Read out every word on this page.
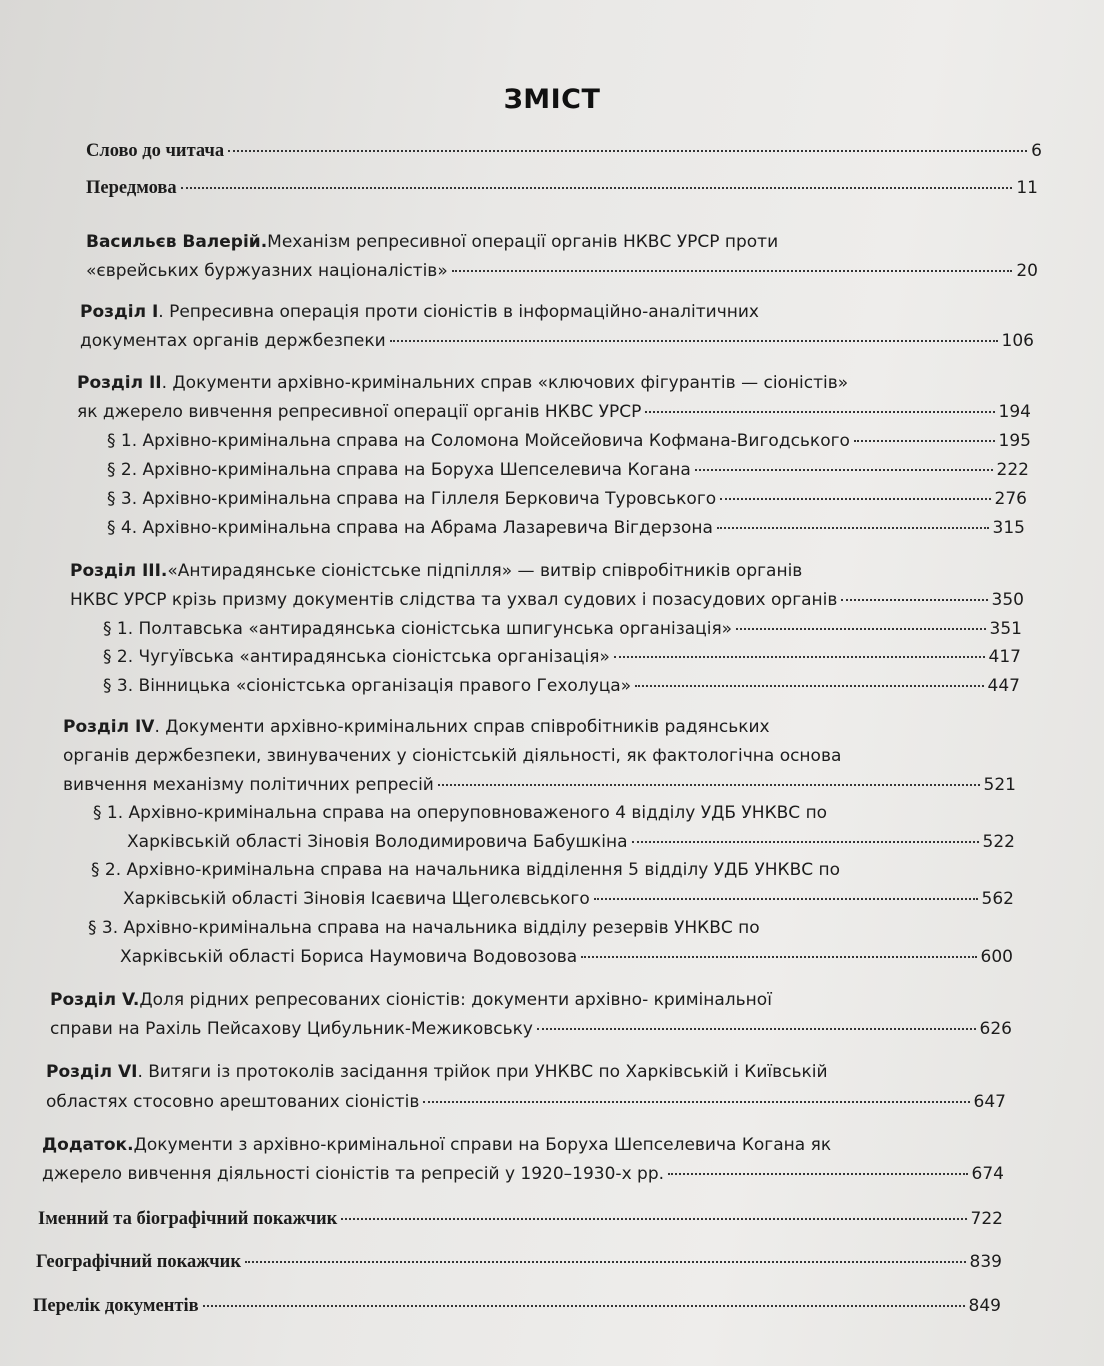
ЗМІСТ
Слово до читача	6
Передмова	11
Васильєв Валерій. Механізм репресивної операції органів НКВС УРСР проти
«єврейських буржуазних націоналістів»	20
Розділ І . Репресивна операція проти сіоністів в інформаційно-аналітичних
документах органів держбезпеки	106
Розділ ІІ . Документи архівно-кримінальних справ «ключових фігурантів — сіоністів»
як джерело вивчення репресивної операції органів НКВС УРСР	194
§ 1. Архівно-кримінальна справа на Соломона Мойсейовича Кофмана-Вигодського	195
§ 2. Архівно-кримінальна справа на Боруха Шепселевича Когана	222
§ 3. Архівно-кримінальна справа на Гіллеля Берковича Туровського	276
§ 4. Архівно-кримінальна справа на Абрама Лазаревича Вігдерзона	315
Розділ ІІІ. «Антирадянське сіоністське підпілля» — витвір співробітників органів
НКВС УРСР крізь призму документів слідства та ухвал судових і позасудових органів	350
§ 1. Полтавська «антирадянська сіоністська шпигунська організація»	351
§ 2. Чугуївська «антирадянська сіоністська організація»	417
§ 3. Вінницька «сіоністська організація правого Гехолуца»	447
Розділ ІV . Документи архівно-кримінальних справ співробітників радянських
органів держбезпеки, звинувачених у сіоністській діяльності, як фактологічна основа
вивчення механізму політичних репресій	521
§ 1. Архівно-кримінальна справа на оперуповноваженого 4 відділу УДБ УНКВС по
Харківській області Зіновія Володимировича Бабушкіна	522
§ 2. Архівно-кримінальна справа на начальника відділення 5 відділу УДБ УНКВС по
Харківській області Зіновія Ісаєвича Щеголєвського	562
§ 3. Архівно-кримінальна справа на начальника відділу резервів УНКВС по
Харківській області Бориса Наумовича Водовозова	600
Розділ V. Доля рідних репресованих сіоністів: документи архівно- кримінальної
справи на Рахіль Пейсахову Цибульник-Межиковську	626
Розділ VІ . Витяги із протоколів засідання трійок при УНКВС по Харківській і Київській
областях стосовно арештованих сіоністів	647
Додаток. Документи з архівно-кримінальної справи на Боруха Шепселевича Когана як
джерело вивчення діяльності сіоністів та репресій у 1920–1930-х рр.	674
Іменний та біографічний покажчик	722
Географічний покажчик	839
Перелік документів	849
